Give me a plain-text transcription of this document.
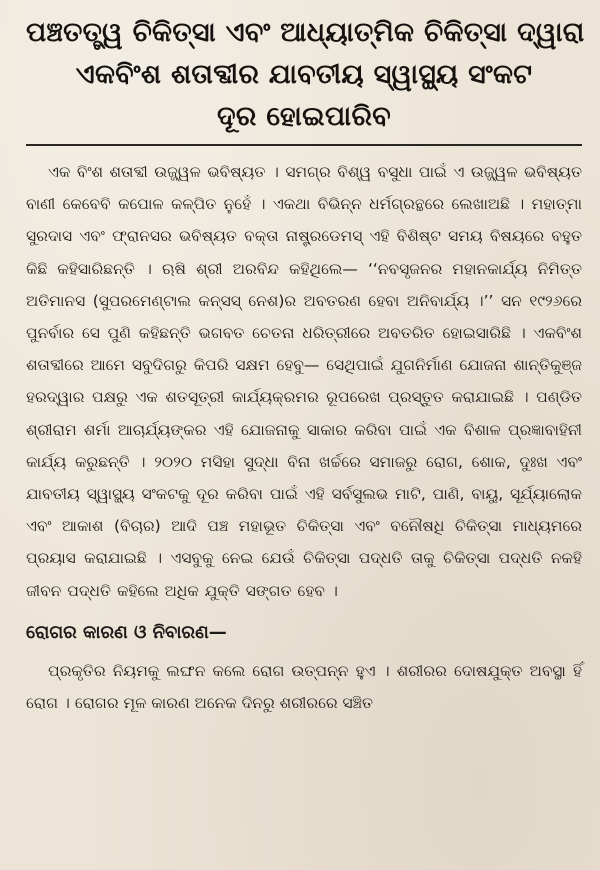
ପଞ୍ଚତତ୍ତ୍ୱ ଚିକିତ୍ସା ଏବଂ ଆଧ୍ୟାତ୍ମିକ ଚିକିତ୍ସା ଦ୍ୱାରା
ଏକବିଂଶ ଶତାବ୍ଦୀର ଯାବତୀୟ ସ୍ୱାସ୍ଥ୍ୟ ସଂକଟ
ଦୂର ହୋଇପାରିବ

ଏକ ବିଂଶ ଶତାବ୍ଦୀ ଉଜ୍ଜ୍ୱଳ ଭବିଷ୍ୟତ । ସମଗ୍ର ବିଶ୍ୱ ବସୁଧା ପାଇଁ ଏ ଉଜ୍ଜ୍ୱଳ ଭବିଷ୍ୟତ ବାଣୀ କେବେବି କପୋଳ କଳ୍ପିତ ନୁହେଁ । ଏକଥା ବିଭିନ୍ନ ଧର୍ମଗ୍ରନ୍ଥରେ ଲେଖାଅଛି । ମହାତ୍ମା ସୁରଦାସ ଏବଂ ଫ୍ରାନସର ଭବିଷ୍ୟତ ବକ୍ତା ନାଷ୍ଟ୍ରଡେମସ୍ ଏହି ବିଶିଷ୍ଟ ସମୟ ବିଷୟରେ ବହୁତ କିଛି କହିସାରିଛନ୍ତି । ଋଷି ଶ୍ରୀ ଅରବିନ୍ଦ କହିଥିଲେ— ‘‘ନବସୃଜନର ମହାନକାର୍ଯ୍ୟ ନିମିତ୍ତ ଅତିମାନସ (ସୁପରମେଣ୍ଟାଲ କନ୍‌ସସ୍ ନେଶ)ର ଅବତରଣ ହେବା ଅନିବାର୍ଯ୍ୟ ।’’ ସନ ୧୯୨୬ରେ ପୁନର୍ବାର ସେ ପୁଣି କହିଛନ୍ତି ଭଗବତ ଚେତନା ଧରିତ୍ରୀରେ ଅବତରିତ ହୋଇସାରିଛି । ଏକବିଂଶ ଶତାବ୍ଦୀରେ ଆମେ ସବୁଦିଗରୁ କିପରି ସକ୍ଷମ ହେବୁ— ସେଥିପାଇଁ ଯୁଗନିର୍ମାଣ ଯୋଜନା ଶାନ୍ତିକୁଞ୍ଜ ହରଦ୍ୱାର ପକ୍ଷରୁ ଏକ ଶତସୂତ୍ରୀ କାର୍ଯ୍ୟକ୍ରମର ରୂପରେଖ ପ୍ରସ୍ତୁତ କରାଯାଇଛି । ପଣ୍ଡିତ ଶ୍ରୀରାମ ଶର୍ମା ଆଚାର୍ଯ୍ୟଙ୍କର ଏହି ଯୋଜନାକୁ ସାକାର କରିବା ପାଇଁ ଏକ ବିଶାଳ ପ୍ରଜ୍ଞାବାହିନୀ କାର୍ଯ୍ୟ କରୁଛନ୍ତି । ୨୦୨୦ ମସିହା ସୁଦ୍ଧା ବିନା ଖର୍ଚ୍ଚରେ ସମାଜରୁ ରୋଗ, ଶୋକ, ଦୁଃଖ ଏବଂ ଯାବତୀୟ ସ୍ୱାସ୍ଥ୍ୟ ସଂକଟକୁ ଦୂର କରିବା ପାଇଁ ଏହି ସର୍ବସୁଲଭ ମାଟି, ପାଣି, ବାୟୁ, ସୂର୍ଯ୍ୟାଲୋକ ଏବଂ ଆକାଶ (ବିଚାର) ଆଦି ପଞ୍ଚ ମହାଭୂତ ଚିକିତ୍ସା ଏବଂ ବନୌଷଧି ଚିକିତ୍ସା ମାଧ୍ୟମରେ ପ୍ରୟାସ କରାଯାଇଛି । ଏସବୁକୁ ନେଇ ଯେଉଁ ଚିକିତ୍ସା ପଦ୍ଧତି ତାକୁ ଚିକିତ୍ସା ପଦ୍ଧତି ନକହି ଜୀବନ ପଦ୍ଧତି କହିଲେ ଅଧିକ ଯୁକ୍ତି ସଙ୍ଗତ ହେବ ।

ରୋଗର କାରଣ ଓ ନିବାରଣ—

ପ୍ରକୃତିର ନିୟମକୁ ଲଙ୍ଘନ କଲେ ରୋଗ ଉତ୍ପନ୍ନ ହୁଏ । ଶରୀରର ଦୋଷଯୁକ୍ତ ଅବସ୍ଥା ହିଁ ରୋଗ । ରୋଗର ମୂଳ କାରଣ ଅନେକ ଦିନରୁ ଶରୀରରେ ସଞ୍ଚିତ
